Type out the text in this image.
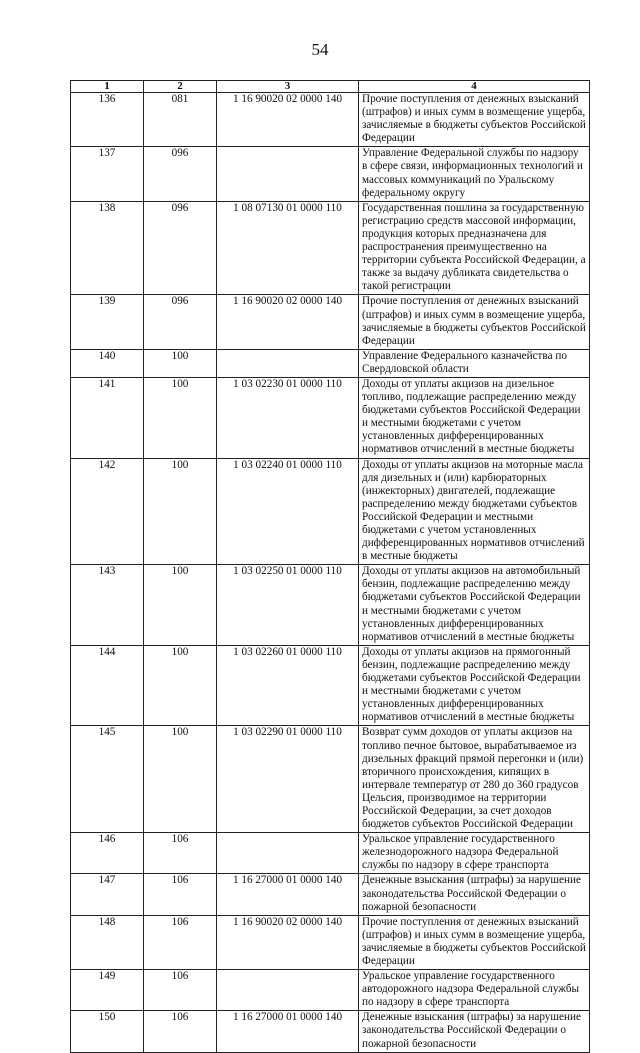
54
1	2	3	4
136	081	1 16 90020 02 0000 140	Прочие поступления от денежных взысканий (штрафов) и иных сумм в возмещение ущерба, зачисляемые в бюджеты субъектов Российской Федерации
137	096		Управление Федеральной службы по надзору в сфере связи, информационных технологий и массовых коммуникаций по Уральскому федеральному округу
138	096	1 08 07130 01 0000 110	Государственная пошлина за государственную регистрацию средств массовой информации, продукция которых предназначена для распространения преимущественно на территории субъекта Российской Федерации, а также за выдачу дубликата свидетельства о такой регистрации
139	096	1 16 90020 02 0000 140	Прочие поступления от денежных взысканий (штрафов) и иных сумм в возмещение ущерба, зачисляемые в бюджеты субъектов Российской Федерации
140	100		Управление Федерального казначейства по Свердловской области
141	100	1 03 02230 01 0000 110	Доходы от уплаты акцизов на дизельное топливо, подлежащие распределению между бюджетами субъектов Российской Федерации и местными бюджетами с учетом установленных дифференцированных нормативов отчислений в местные бюджеты
142	100	1 03 02240 01 0000 110	Доходы от уплаты акцизов на моторные масла для дизельных и (или) карбюраторных (инжекторных) двигателей, подлежащие распределению между бюджетами субъектов Российской Федерации и местными бюджетами с учетом установленных дифференцированных нормативов отчислений в местные бюджеты
143	100	1 03 02250 01 0000 110	Доходы от уплаты акцизов на автомобильный бензин, подлежащие распределению между бюджетами субъектов Российской Федерации и местными бюджетами с учетом установленных дифференцированных нормативов отчислений в местные бюджеты
144	100	1 03 02260 01 0000 110	Доходы от уплаты акцизов на прямогонный бензин, подлежащие распределению между бюджетами субъектов Российской Федерации и местными бюджетами с учетом установленных дифференцированных нормативов отчислений в местные бюджеты
145	100	1 03 02290 01 0000 110	Возврат сумм доходов от уплаты акцизов на топливо печное бытовое, вырабатываемое из дизельных фракций прямой перегонки и (или) вторичного происхождения, кипящих в интервале температур от 280 до 360 градусов Цельсия, производимое на территории Российской Федерации, за счет доходов бюджетов субъектов Российской Федерации
146	106		Уральское управление государственного железнодорожного надзора Федеральной службы по надзору в сфере транспорта
147	106	1 16 27000 01 0000 140	Денежные взыскания (штрафы) за нарушение законодательства Российской Федерации о пожарной безопасности
148	106	1 16 90020 02 0000 140	Прочие поступления от денежных взысканий (штрафов) и иных сумм в возмещение ущерба, зачисляемые в бюджеты субъектов Российской Федерации
149	106		Уральское управление государственного автодорожного надзора Федеральной службы по надзору в сфере транспорта
150	106	1 16 27000 01 0000 140	Денежные взыскания (штрафы) за нарушение законодательства Российской Федерации о пожарной безопасности
